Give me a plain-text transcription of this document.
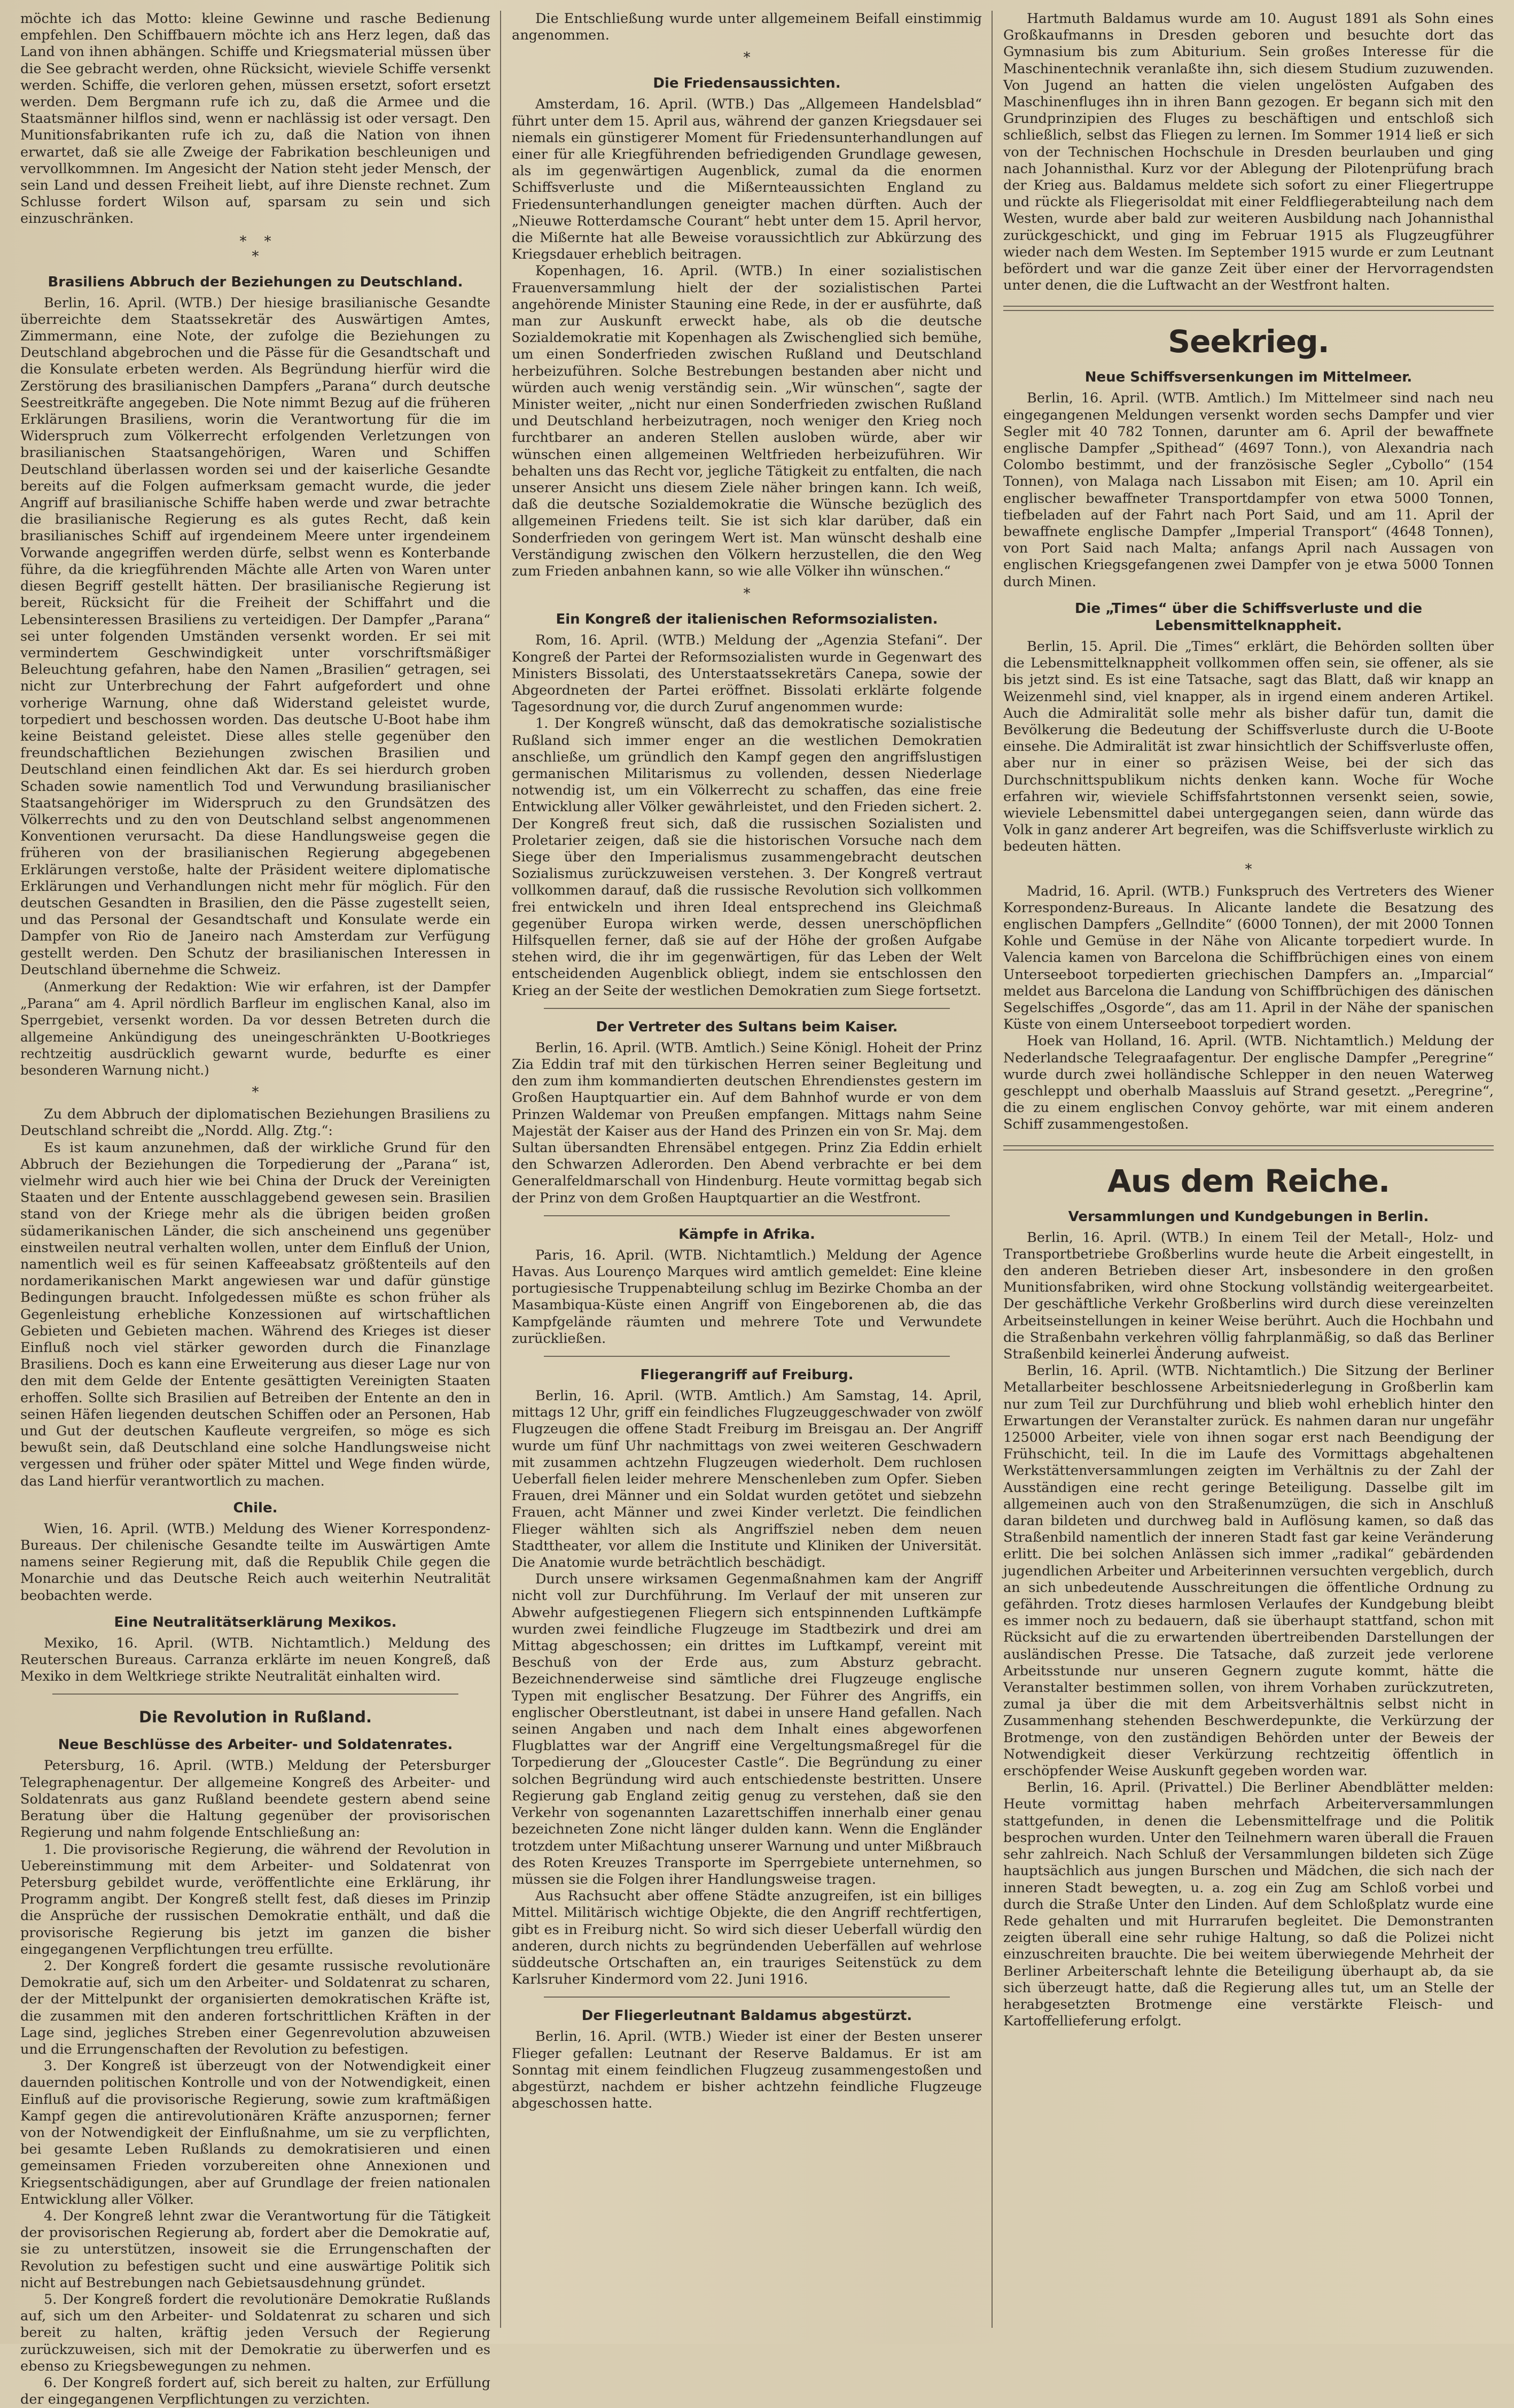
möchte ich das Motto: kleine Gewinne und rasche Bedienung empfehlen. Den Schiffbauern möchte ich ans Herz legen, daß das Land von ihnen abhängen. Schiffe und Kriegsmaterial müssen über die See gebracht werden, ohne Rücksicht, wieviele Schiffe versenkt werden. Schiffe, die verloren gehen, müssen ersetzt, sofort ersetzt werden. Dem Bergmann rufe ich zu, daß die Armee und die Staatsmänner hilflos sind, wenn er nachlässig ist oder versagt. Den Munitionsfabrikanten rufe ich zu, daß die Nation von ihnen erwartet, daß sie alle Zweige der Fabrikation beschleunigen und vervollkommnen. Im Angesicht der Nation steht jeder Mensch, der sein Land und dessen Freiheit liebt, auf ihre Dienste rechnet. Zum Schlusse fordert Wilson auf, sparsam zu sein und sich einzuschränken.

*    *
*
Brasiliens Abbruch der Beziehungen zu Deutschland.

Berlin, 16. April. (WTB.) Der hiesige brasilianische Gesandte überreichte dem Staatssekretär des Auswärtigen Amtes, Zimmermann, eine Note, der zufolge die Beziehungen zu Deutschland abgebrochen und die Pässe für die Gesandtschaft und die Konsulate erbeten werden. Als Begründung hierfür wird die Zerstörung des brasilianischen Dampfers „Parana“ durch deutsche Seestreitkräfte angegeben. Die Note nimmt Bezug auf die früheren Erklärungen Brasiliens, worin die Verantwortung für die im Widerspruch zum Völkerrecht erfolgenden Verletzungen von brasilianischen Staatsangehörigen, Waren und Schiffen Deutschland überlassen worden sei und der kaiserliche Gesandte bereits auf die Folgen aufmerksam gemacht wurde, die jeder Angriff auf brasilianische Schiffe haben werde und zwar betrachte die brasilianische Regierung es als gutes Recht, daß kein brasilianisches Schiff auf irgendeinem Meere unter irgendeinem Vorwande angegriffen werden dürfe, selbst wenn es Konterbande führe, da die kriegführenden Mächte alle Arten von Waren unter diesen Begriff gestellt hätten. Der brasilianische Regierung ist bereit, Rücksicht für die Freiheit der Schiffahrt und die Lebensinteressen Brasiliens zu verteidigen. Der Dampfer „Parana“ sei unter folgenden Umständen versenkt worden. Er sei mit vermindertem Geschwindigkeit unter vorschriftsmäßiger Beleuchtung gefahren, habe den Namen „Brasilien“ getragen, sei nicht zur Unterbrechung der Fahrt aufgefordert und ohne vorherige Warnung, ohne daß Widerstand geleistet wurde, torpediert und beschossen worden. Das deutsche U-Boot habe ihm keine Beistand geleistet. Diese alles stelle gegenüber den freundschaftlichen Beziehungen zwischen Brasilien und Deutschland einen feindlichen Akt dar. Es sei hierdurch groben Schaden sowie namentlich Tod und Verwundung brasilianischer Staatsangehöriger im Widerspruch zu den Grundsätzen des Völkerrechts und zu den von Deutschland selbst angenommenen Konventionen verursacht. Da diese Handlungsweise gegen die früheren von der brasilianischen Regierung abgegebenen Erklärungen verstoße, halte der Präsident weitere diplomatische Erklärungen und Verhandlungen nicht mehr für möglich. Für den deutschen Gesandten in Brasilien, den die Pässe zugestellt seien, und das Personal der Gesandtschaft und Konsulate werde ein Dampfer von Rio de Janeiro nach Amsterdam zur Verfügung gestellt werden. Den Schutz der brasilianischen Interessen in Deutschland übernehme die Schweiz.

(Anmerkung der Redaktion: Wie wir erfahren, ist der Dampfer „Parana“ am 4. April nördlich Barfleur im englischen Kanal, also im Sperrgebiet, versenkt worden. Da vor dessen Betreten durch die allgemeine Ankündigung des uneingeschränkten U-Bootkrieges rechtzeitig ausdrücklich gewarnt wurde, bedurfte es einer besonderen Warnung nicht.)

*

Zu dem Abbruch der diplomatischen Beziehungen Brasiliens zu Deutschland schreibt die „Nordd. Allg. Ztg.“:

Es ist kaum anzunehmen, daß der wirkliche Grund für den Abbruch der Beziehungen die Torpedierung der „Parana“ ist, vielmehr wird auch hier wie bei China der Druck der Vereinigten Staaten und der Entente ausschlaggebend gewesen sein. Brasilien stand von der Kriege mehr als die übrigen beiden großen südamerikanischen Länder, die sich anscheinend uns gegenüber einstweilen neutral verhalten wollen, unter dem Einfluß der Union, namentlich weil es für seinen Kaffeeabsatz größtenteils auf den nordamerikanischen Markt angewiesen war und dafür günstige Bedingungen braucht. Infolgedessen müßte es schon früher als Gegenleistung erhebliche Konzessionen auf wirtschaftlichen Gebieten und Gebieten machen. Während des Krieges ist dieser Einfluß noch viel stärker geworden durch die Finanzlage Brasiliens. Doch es kann eine Erweiterung aus dieser Lage nur von den mit dem Gelde der Entente gesättigten Vereinigten Staaten erhoffen. Sollte sich Brasilien auf Betreiben der Entente an den in seinen Häfen liegenden deutschen Schiffen oder an Personen, Hab und Gut der deutschen Kaufleute vergreifen, so möge es sich bewußt sein, daß Deutschland eine solche Handlungsweise nicht vergessen und früher oder später Mittel und Wege finden würde, das Land hierfür verantwortlich zu machen.

Chile.

Wien, 16. April. (WTB.) Meldung des Wiener Korrespondenz-Bureaus. Der chilenische Gesandte teilte im Auswärtigen Amte namens seiner Regierung mit, daß die Republik Chile gegen die Monarchie und das Deutsche Reich auch weiterhin Neutralität beobachten werde.

Eine Neutralitätserklärung Mexikos.

Mexiko, 16. April. (WTB. Nichtamtlich.) Meldung des Reuterschen Bureaus. Carranza erklärte im neuen Kongreß, daß Mexiko in dem Weltkriege strikte Neutralität einhalten wird.

Die Revolution in Rußland.
Neue Beschlüsse des Arbeiter- und Soldatenrates.

Petersburg, 16. April. (WTB.) Meldung der Petersburger Telegraphenagentur. Der allgemeine Kongreß des Arbeiter- und Soldatenrats aus ganz Rußland beendete gestern abend seine Beratung über die Haltung gegenüber der provisorischen Regierung und nahm folgende Entschließung an:

1. Die provisorische Regierung, die während der Revolution in Uebereinstimmung mit dem Arbeiter- und Soldatenrat von Petersburg gebildet wurde, veröffentlichte eine Erklärung, ihr Programm angibt. Der Kongreß stellt fest, daß dieses im Prinzip die Ansprüche der russischen Demokratie enthält, und daß die provisorische Regierung bis jetzt im ganzen die bisher eingegangenen Verpflichtungen treu erfüllte.

2. Der Kongreß fordert die gesamte russische revolutionäre Demokratie auf, sich um den Arbeiter- und Soldatenrat zu scharen, der der Mittelpunkt der organisierten demokratischen Kräfte ist, die zusammen mit den anderen fortschrittlichen Kräften in der Lage sind, jegliches Streben einer Gegenrevolution abzuweisen und die Errungenschaften der Revolution zu befestigen.

3. Der Kongreß ist überzeugt von der Notwendigkeit einer dauernden politischen Kontrolle und von der Notwendigkeit, einen Einfluß auf die provisorische Regierung, sowie zum kraftmäßigen Kampf gegen die antirevolutionären Kräfte anzuspornen; ferner von der Notwendigkeit der Einflußnahme, um sie zu verpflichten, bei gesamte Leben Rußlands zu demokratisieren und einen gemeinsamen Frieden vorzubereiten ohne Annexionen und Kriegsentschädigungen, aber auf Grundlage der freien nationalen Entwicklung aller Völker.

4. Der Kongreß lehnt zwar die Verantwortung für die Tätigkeit der provisorischen Regierung ab, fordert aber die Demokratie auf, sie zu unterstützen, insoweit sie die Errungenschaften der Revolution zu befestigen sucht und eine auswärtige Politik sich nicht auf Bestrebungen nach Gebietsausdehnung gründet.

5. Der Kongreß fordert die revolutionäre Demokratie Rußlands auf, sich um den Arbeiter- und Soldatenrat zu scharen und sich bereit zu halten, kräftig jeden Versuch der Regierung zurückzuweisen, sich mit der Demokratie zu überwerfen und es ebenso zu Kriegsbewegungen zu nehmen.

6. Der Kongreß fordert auf, sich bereit zu halten, zur Erfüllung der eingegangenen Verpflichtungen zu verzichten.

Die Entschließung wurde unter allgemeinem Beifall einstimmig angenommen.

*
Die Friedensaussichten.

Amsterdam, 16. April. (WTB.) Das „Allgemeen Handelsblad“ führt unter dem 15. April aus, während der ganzen Kriegsdauer sei niemals ein günstigerer Moment für Friedensunterhandlungen auf einer für alle Kriegführenden befriedigenden Grundlage gewesen, als im gegenwärtigen Augenblick, zumal da die enormen Schiffsverluste und die Mißernteaussichten England zu Friedensunterhandlungen geneigter machen dürften. Auch der „Nieuwe Rotterdamsche Courant“ hebt unter dem 15. April hervor, die Mißernte hat alle Beweise voraussichtlich zur Abkürzung des Kriegsdauer erheblich beitragen.

Kopenhagen, 16. April. (WTB.) In einer sozialistischen Frauenversammlung hielt der der sozialistischen Partei angehörende Minister Stauning eine Rede, in der er ausführte, daß man zur Auskunft erweckt habe, als ob die deutsche Sozialdemokratie mit Kopenhagen als Zwischenglied sich bemühe, um einen Sonderfrieden zwischen Rußland und Deutschland herbeizuführen. Solche Bestrebungen bestanden aber nicht und würden auch wenig verständig sein. „Wir wünschen“, sagte der Minister weiter, „nicht nur einen Sonderfrieden zwischen Rußland und Deutschland herbeizutragen, noch weniger den Krieg noch furchtbarer an anderen Stellen ausloben würde, aber wir wünschen einen allgemeinen Weltfrieden herbeizuführen. Wir behalten uns das Recht vor, jegliche Tätigkeit zu entfalten, die nach unserer Ansicht uns diesem Ziele näher bringen kann. Ich weiß, daß die deutsche Sozialdemokratie die Wünsche bezüglich des allgemeinen Friedens teilt. Sie ist sich klar darüber, daß ein Sonderfrieden von geringem Wert ist. Man wünscht deshalb eine Verständigung zwischen den Völkern herzustellen, die den Weg zum Frieden anbahnen kann, so wie alle Völker ihn wünschen.“

*
Ein Kongreß der italienischen Reformsozialisten.

Rom, 16. April. (WTB.) Meldung der „Agenzia Stefani“. Der Kongreß der Partei der Reformsozialisten wurde in Gegenwart des Ministers Bissolati, des Unterstaatssekretärs Canepa, sowie der Abgeordneten der Partei eröffnet. Bissolati erklärte folgende Tagesordnung vor, die durch Zuruf angenommen wurde:

1. Der Kongreß wünscht, daß das demokratische sozialistische Rußland sich immer enger an die westlichen Demokratien anschließe, um gründlich den Kampf gegen den angriffslustigen germanischen Militarismus zu vollenden, dessen Niederlage notwendig ist, um ein Völkerrecht zu schaffen, das eine freie Entwicklung aller Völker gewährleistet, und den Frieden sichert. 2. Der Kongreß freut sich, daß die russischen Sozialisten und Proletarier zeigen, daß sie die historischen Vorsuche nach dem Siege über den Imperialismus zusammengebracht deutschen Sozialismus zurückzuweisen verstehen. 3. Der Kongreß vertraut vollkommen darauf, daß die russische Revolution sich vollkommen frei entwickeln und ihren Ideal entsprechend ins Gleichmaß gegenüber Europa wirken werde, dessen unerschöpflichen Hilfsquellen ferner, daß sie auf der Höhe der großen Aufgabe stehen wird, die ihr im gegenwärtigen, für das Leben der Welt entscheidenden Augenblick obliegt, indem sie entschlossen den Krieg an der Seite der westlichen Demokratien zum Siege fortsetzt.

Der Vertreter des Sultans beim Kaiser.

Berlin, 16. April. (WTB. Amtlich.) Seine Königl. Hoheit der Prinz Zia Eddin traf mit den türkischen Herren seiner Begleitung und den zum ihm kommandierten deutschen Ehrendienstes gestern im Großen Hauptquartier ein. Auf dem Bahnhof wurde er von dem Prinzen Waldemar von Preußen empfangen. Mittags nahm Seine Majestät der Kaiser aus der Hand des Prinzen ein von Sr. Maj. dem Sultan übersandten Ehrensäbel entgegen. Prinz Zia Eddin erhielt den Schwarzen Adlerorden. Den Abend verbrachte er bei dem Generalfeldmarschall von Hindenburg. Heute vormittag begab sich der Prinz von dem Großen Hauptquartier an die Westfront.

Kämpfe in Afrika.

Paris, 16. April. (WTB. Nichtamtlich.) Meldung der Agence Havas. Aus Lourenço Marques wird amtlich gemeldet: Eine kleine portugiesische Truppenabteilung schlug im Bezirke Chomba an der Masambiqua-Küste einen Angriff von Eingeborenen ab, die das Kampfgelände räumten und mehrere Tote und Verwundete zurückließen.

Fliegerangriff auf Freiburg.

Berlin, 16. April. (WTB. Amtlich.) Am Samstag, 14. April, mittags 12 Uhr, griff ein feindliches Flugzeuggeschwader von zwölf Flugzeugen die offene Stadt Freiburg im Breisgau an. Der Angriff wurde um fünf Uhr nachmittags von zwei weiteren Geschwadern mit zusammen achtzehn Flugzeugen wiederholt. Dem ruchlosen Ueberfall fielen leider mehrere Menschenleben zum Opfer. Sieben Frauen, drei Männer und ein Soldat wurden getötet und siebzehn Frauen, acht Männer und zwei Kinder verletzt. Die feindlichen Flieger wählten sich als Angriffsziel neben dem neuen Stadttheater, vor allem die Institute und Kliniken der Universität. Die Anatomie wurde beträchtlich beschädigt.

Durch unsere wirksamen Gegenmaßnahmen kam der Angriff nicht voll zur Durchführung. Im Verlauf der mit unseren zur Abwehr aufgestiegenen Fliegern sich entspinnenden Luftkämpfe wurden zwei feindliche Flugzeuge im Stadtbezirk und drei am Mittag abgeschossen; ein drittes im Luftkampf, vereint mit Beschuß von der Erde aus, zum Absturz gebracht. Bezeichnenderweise sind sämtliche drei Flugzeuge englische Typen mit englischer Besatzung. Der Führer des Angriffs, ein englischer Oberstleutnant, ist dabei in unsere Hand gefallen. Nach seinen Angaben und nach dem Inhalt eines abgeworfenen Flugblattes war der Angriff eine Vergeltungsmaßregel für die Torpedierung der „Gloucester Castle“. Die Begründung zu einer solchen Begründung wird auch entschiedenste bestritten. Unsere Regierung gab England zeitig genug zu verstehen, daß sie den Verkehr von sogenannten Lazarettschiffen innerhalb einer genau bezeichneten Zone nicht länger dulden kann. Wenn die Engländer trotzdem unter Mißachtung unserer Warnung und unter Mißbrauch des Roten Kreuzes Transporte im Sperrgebiete unternehmen, so müssen sie die Folgen ihrer Handlungsweise tragen.

Aus Rachsucht aber offene Städte anzugreifen, ist ein billiges Mittel. Militärisch wichtige Objekte, die den Angriff rechtfertigen, gibt es in Freiburg nicht. So wird sich dieser Ueberfall würdig den anderen, durch nichts zu begründenden Ueberfällen auf wehrlose süddeutsche Ortschaften an, ein trauriges Seitenstück zu dem Karlsruher Kindermord vom 22. Juni 1916.

Der Fliegerleutnant Baldamus abgestürzt.

Berlin, 16. April. (WTB.) Wieder ist einer der Besten unserer Flieger gefallen: Leutnant der Reserve Baldamus. Er ist am Sonntag mit einem feindlichen Flugzeug zusammengestoßen und abgestürzt, nachdem er bisher achtzehn feindliche Flugzeuge abgeschossen hatte.

Hartmuth Baldamus wurde am 10. August 1891 als Sohn eines Großkaufmanns in Dresden geboren und besuchte dort das Gymnasium bis zum Abiturium. Sein großes Interesse für die Maschinentechnik veranlaßte ihn, sich diesem Studium zuzuwenden. Von Jugend an hatten die vielen ungelösten Aufgaben des Maschinenfluges ihn in ihren Bann gezogen. Er begann sich mit den Grundprinzipien des Fluges zu beschäftigen und entschloß sich schließlich, selbst das Fliegen zu lernen. Im Sommer 1914 ließ er sich von der Technischen Hochschule in Dresden beurlauben und ging nach Johannisthal. Kurz vor der Ablegung der Pilotenprüfung brach der Krieg aus. Baldamus meldete sich sofort zu einer Fliegertruppe und rückte als Fliegerisoldat mit einer Feldfliegerabteilung nach dem Westen, wurde aber bald zur weiteren Ausbildung nach Johannisthal zurückgeschickt, und ging im Februar 1915 als Flugzeugführer wieder nach dem Westen. Im September 1915 wurde er zum Leutnant befördert und war die ganze Zeit über einer der Hervorragendsten unter denen, die die Luftwacht an der Westfront halten.

Seekrieg.
Neue Schiffsversenkungen im Mittelmeer.

Berlin, 16. April. (WTB. Amtlich.) Im Mittelmeer sind nach neu eingegangenen Meldungen versenkt worden sechs Dampfer und vier Segler mit 40 782 Tonnen, darunter am 6. April der bewaffnete englische Dampfer „Spithead“ (4697 Tonn.), von Alexandria nach Colombo bestimmt, und der französische Segler „Cybollo“ (154 Tonnen), von Malaga nach Lissabon mit Eisen; am 10. April ein englischer bewaffneter Transportdampfer von etwa 5000 Tonnen, tiefbeladen auf der Fahrt nach Port Said, und am 11. April der bewaffnete englische Dampfer „Imperial Transport“ (4648 Tonnen), von Port Said nach Malta; anfangs April nach Aussagen von englischen Kriegsgefangenen zwei Dampfer von je etwa 5000 Tonnen durch Minen.

Die „Times“ über die Schiffsverluste und die Lebensmittelknappheit.

Berlin, 15. April. Die „Times“ erklärt, die Behörden sollten über die Lebensmittelknappheit vollkommen offen sein, sie offener, als sie bis jetzt sind. Es ist eine Tatsache, sagt das Blatt, daß wir knapp an Weizenmehl sind, viel knapper, als in irgend einem anderen Artikel. Auch die Admiralität solle mehr als bisher dafür tun, damit die Bevölkerung die Bedeutung der Schiffsverluste durch die U-Boote einsehe. Die Admiralität ist zwar hinsichtlich der Schiffsverluste offen, aber nur in einer so präzisen Weise, bei der sich das Durchschnittspublikum nichts denken kann. Woche für Woche erfahren wir, wieviele Schiffsfahrtstonnen versenkt seien, sowie, wieviele Lebensmittel dabei untergegangen seien, dann würde das Volk in ganz anderer Art begreifen, was die Schiffsverluste wirklich zu bedeuten hätten.

*

Madrid, 16. April. (WTB.) Funkspruch des Vertreters des Wiener Korrespondenz-Bureaus. In Alicante landete die Besatzung des englischen Dampfers „Gellndite“ (6000 Tonnen), der mit 2000 Tonnen Kohle und Gemüse in der Nähe von Alicante torpediert wurde. In Valencia kamen von Barcelona die Schiffbrüchigen eines von einem Unterseeboot torpedierten griechischen Dampfers an. „Imparcial“ meldet aus Barcelona die Landung von Schiffbrüchigen des dänischen Segelschiffes „Osgorde“, das am 11. April in der Nähe der spanischen Küste von einem Unterseeboot torpediert worden.

Hoek van Holland, 16. April. (WTB. Nichtamtlich.) Meldung der Nederlandsche Telegraafagentur. Der englische Dampfer „Peregrine“ wurde durch zwei holländische Schlepper in den neuen Waterweg geschleppt und oberhalb Maassluis auf Strand gesetzt. „Peregrine“, die zu einem englischen Convoy gehörte, war mit einem anderen Schiff zusammengestoßen.

Aus dem Reiche.
Versammlungen und Kundgebungen in Berlin.

Berlin, 16. April. (WTB.) In einem Teil der Metall-, Holz- und Transportbetriebe Großberlins wurde heute die Arbeit eingestellt, in den anderen Betrieben dieser Art, insbesondere in den großen Munitionsfabriken, wird ohne Stockung vollständig weitergearbeitet. Der geschäftliche Verkehr Großberlins wird durch diese vereinzelten Arbeitseinstellungen in keiner Weise berührt. Auch die Hochbahn und die Straßenbahn verkehren völlig fahrplanmäßig, so daß das Berliner Straßenbild keinerlei Änderung aufweist.

Berlin, 16. April. (WTB. Nichtamtlich.) Die Sitzung der Berliner Metallarbeiter beschlossene Arbeitsniederlegung in Großberlin kam nur zum Teil zur Durchführung und blieb wohl erheblich hinter den Erwartungen der Veranstalter zurück. Es nahmen daran nur ungefähr 125000 Arbeiter, viele von ihnen sogar erst nach Beendigung der Frühschicht, teil. In die im Laufe des Vormittags abgehaltenen Werkstättenversammlungen zeigten im Verhältnis zu der Zahl der Ausständigen eine recht geringe Beteiligung. Dasselbe gilt im allgemeinen auch von den Straßenumzügen, die sich in Anschluß daran bildeten und durchweg bald in Auflösung kamen, so daß das Straßenbild namentlich der inneren Stadt fast gar keine Veränderung erlitt. Die bei solchen Anlässen sich immer „radikal“ gebärdenden jugendlichen Arbeiter und Arbeiterinnen versuchten vergeblich, durch an sich unbedeutende Ausschreitungen die öffentliche Ordnung zu gefährden. Trotz dieses harmlosen Verlaufes der Kundgebung bleibt es immer noch zu bedauern, daß sie überhaupt stattfand, schon mit Rücksicht auf die zu erwartenden übertreibenden Darstellungen der ausländischen Presse. Die Tatsache, daß zurzeit jede verlorene Arbeitsstunde nur unseren Gegnern zugute kommt, hätte die Veranstalter bestimmen sollen, von ihrem Vorhaben zurückzutreten, zumal ja über die mit dem Arbeitsverhältnis selbst nicht in Zusammenhang stehenden Beschwerdepunkte, die Verkürzung der Brotmenge, von den zuständigen Behörden unter der Beweis der Notwendigkeit dieser Verkürzung rechtzeitig öffentlich in erschöpfender Weise Auskunft gegeben worden war.

Berlin, 16. April. (Privattel.) Die Berliner Abendblätter melden: Heute vormittag haben mehrfach Arbeiterversammlungen stattgefunden, in denen die Lebensmittelfrage und die Politik besprochen wurden. Unter den Teilnehmern waren überall die Frauen sehr zahlreich. Nach Schluß der Versammlungen bildeten sich Züge hauptsächlich aus jungen Burschen und Mädchen, die sich nach der inneren Stadt bewegten, u. a. zog ein Zug am Schloß vorbei und durch die Straße Unter den Linden. Auf dem Schloßplatz wurde eine Rede gehalten und mit Hurrarufen begleitet. Die Demonstranten zeigten überall eine sehr ruhige Haltung, so daß die Polizei nicht einzuschreiten brauchte. Die bei weitem überwiegende Mehrheit der Berliner Arbeiterschaft lehnte die Beteiligung überhaupt ab, da sie sich überzeugt hatte, daß die Regierung alles tut, um an Stelle der herabgesetzten Brotmenge eine verstärkte Fleisch- und Kartoffellieferung erfolgt.
